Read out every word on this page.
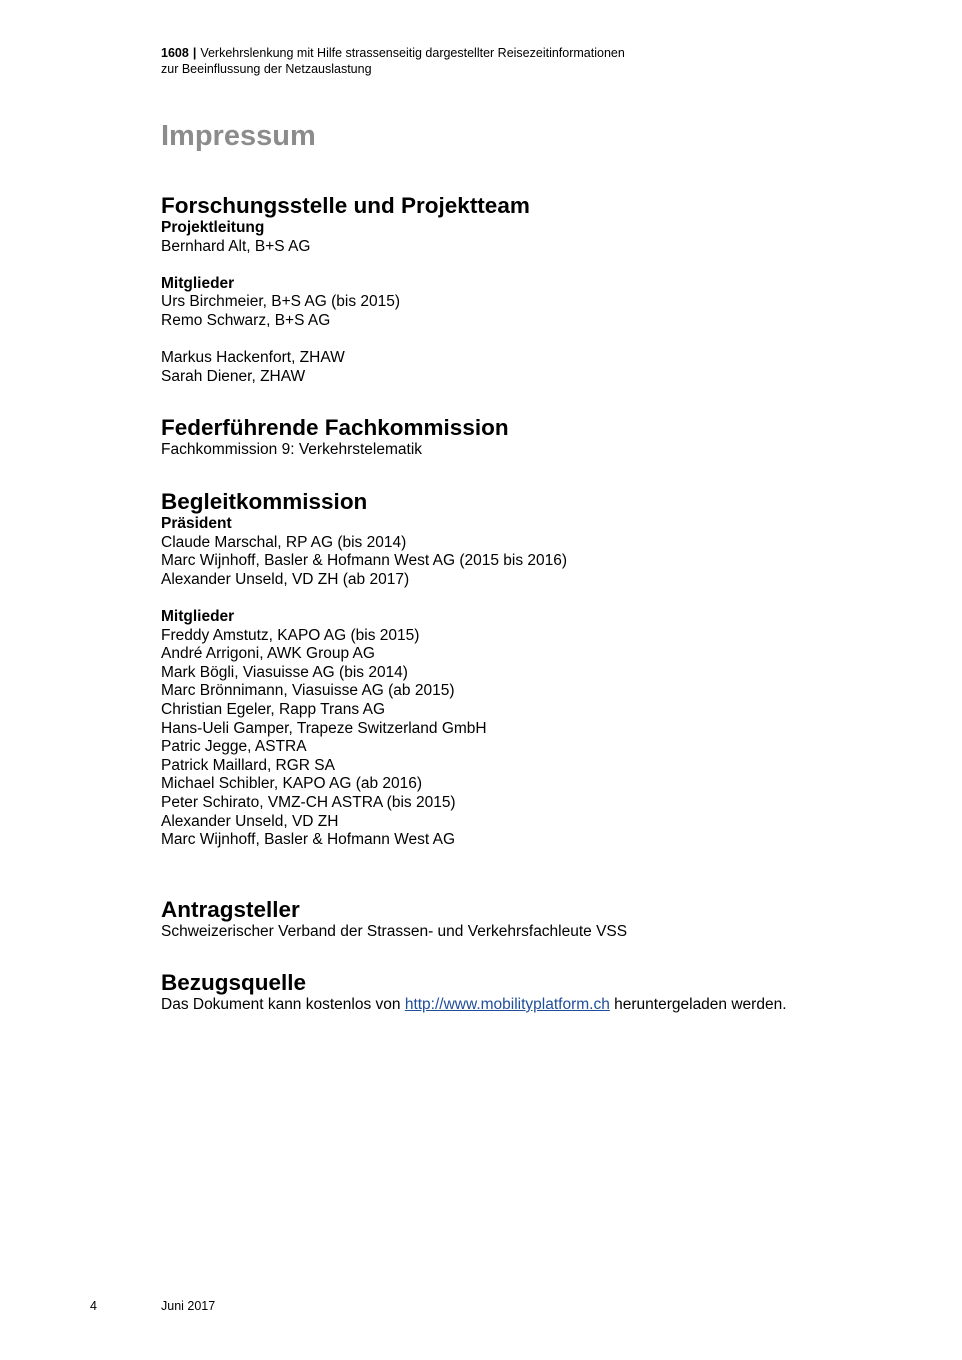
1608 | Verkehrslenkung mit Hilfe strassenseitig dargestellter Reisezeitinformationen
zur Beeinflussung der Netzauslastung
Impressum
Forschungsstelle und Projektteam
Projektleitung
Bernhard Alt, B+S AG
Mitglieder
Urs Birchmeier, B+S AG (bis 2015)
Remo Schwarz, B+S AG
Markus Hackenfort, ZHAW
Sarah Diener, ZHAW
Federführende Fachkommission
Fachkommission 9: Verkehrstelematik
Begleitkommission
Präsident
Claude Marschal, RP AG (bis 2014)
Marc Wijnhoff, Basler & Hofmann West AG (2015 bis 2016)
Alexander Unseld, VD ZH (ab 2017)
Mitglieder
Freddy Amstutz, KAPO AG (bis 2015)
André Arrigoni, AWK Group AG
Mark Bögli, Viasuisse AG (bis 2014)
Marc Brönnimann, Viasuisse AG (ab 2015)
Christian Egeler, Rapp Trans AG
Hans-Ueli Gamper, Trapeze Switzerland GmbH
Patric Jegge, ASTRA
Patrick Maillard, RGR SA
Michael Schibler, KAPO AG (ab 2016)
Peter Schirato, VMZ-CH ASTRA (bis 2015)
Alexander Unseld, VD ZH
Marc Wijnhoff, Basler & Hofmann West AG
Antragsteller
Schweizerischer Verband der Strassen- und Verkehrsfachleute VSS
Bezugsquelle
Das Dokument kann kostenlos von http://www.mobilityplatform.ch heruntergeladen werden.
4	Juni 2017
